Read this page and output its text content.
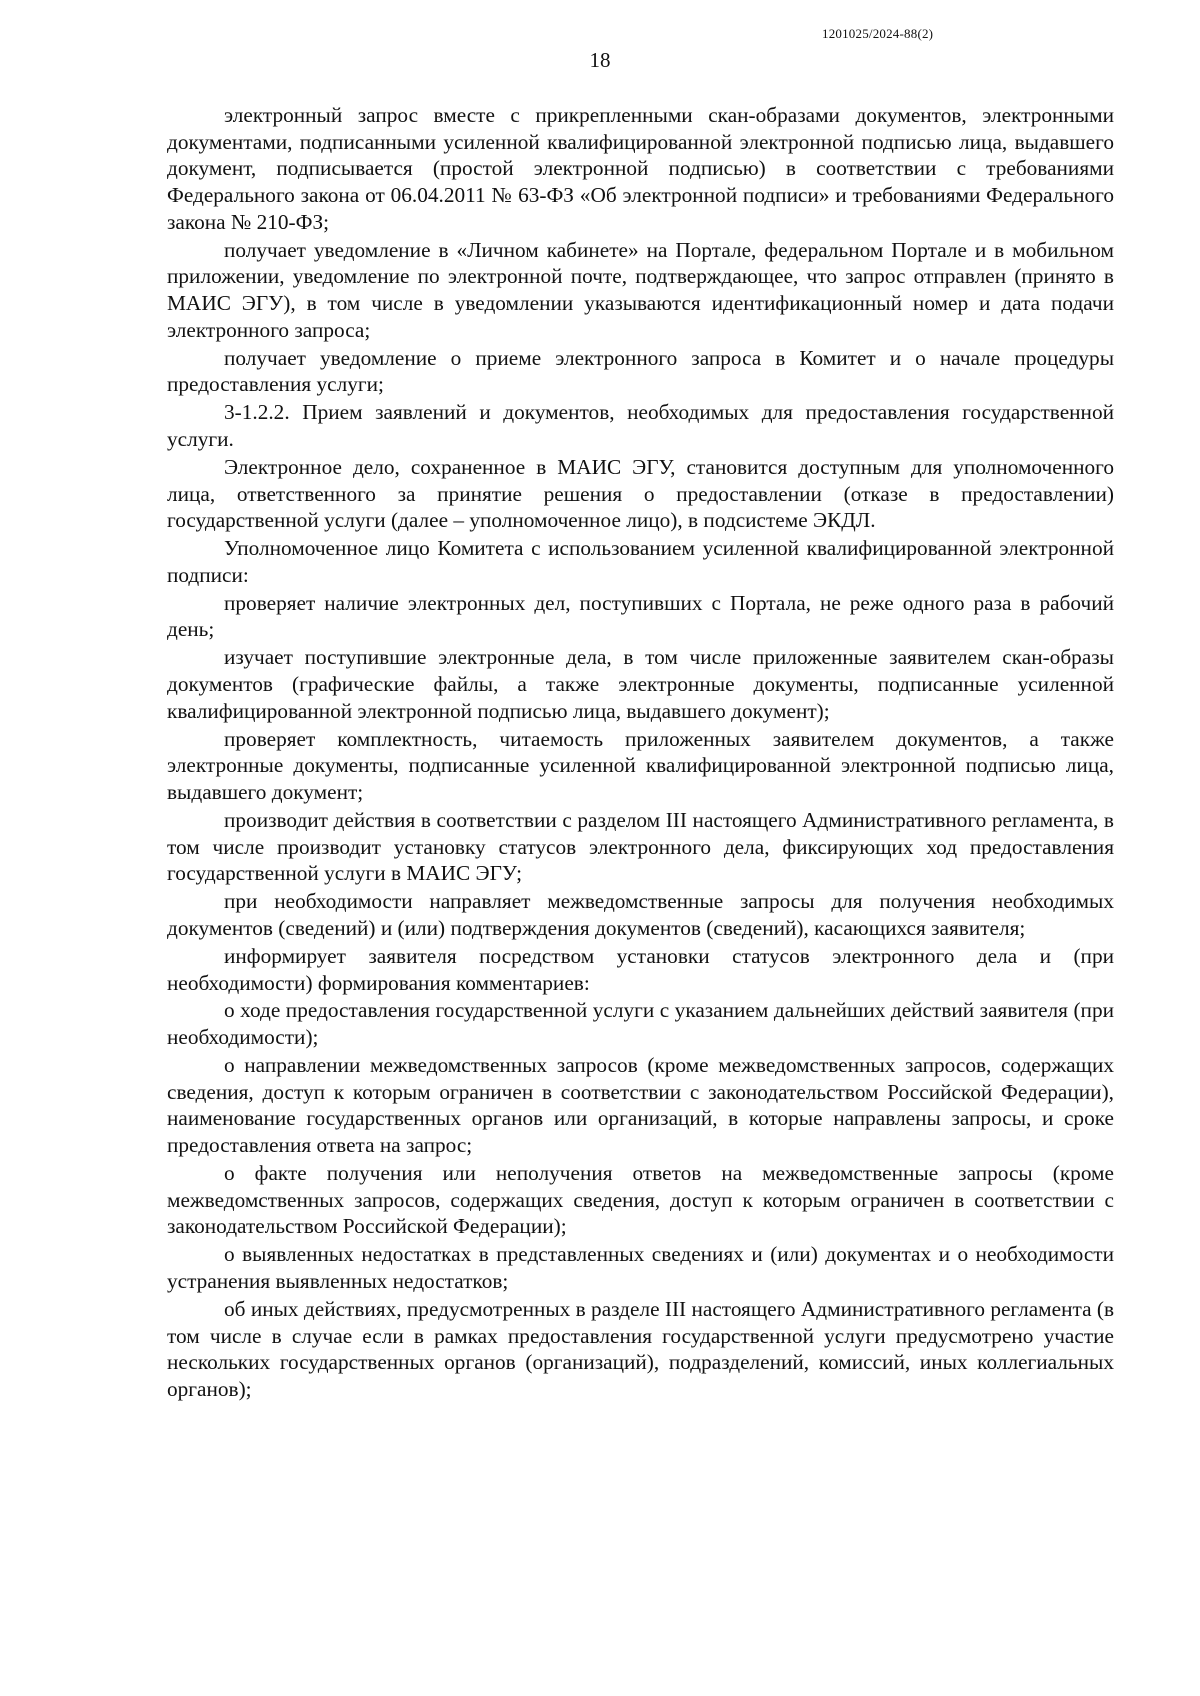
1201025/2024-88(2)
18

электронный запрос вместе с прикрепленными скан-образами документов, электронными документами, подписанными усиленной квалифицированной электронной подписью лица, выдавшего документ, подписывается (простой электронной подписью) в соответствии с требованиями Федерального закона от 06.04.2011 № 63-ФЗ «Об электронной подписи» и требованиями Федерального закона № 210-ФЗ;

получает уведомление в «Личном кабинете» на Портале, федеральном Портале и в мобильном приложении, уведомление по электронной почте, подтверждающее, что запрос отправлен (принято в МАИС ЭГУ), в том числе в уведомлении указываются идентификационный номер и дата подачи электронного запроса;

получает уведомление о приеме электронного запроса в Комитет и о начале процедуры предоставления услуги;

3-1.2.2. Прием заявлений и документов, необходимых для предоставления государственной услуги.

Электронное дело, сохраненное в МАИС ЭГУ, становится доступным для уполномоченного лица, ответственного за принятие решения о предоставлении (отказе в предоставлении) государственной услуги (далее – уполномоченное лицо), в подсистеме ЭКДЛ.

Уполномоченное лицо Комитета с использованием усиленной квалифицированной электронной подписи:

проверяет наличие электронных дел, поступивших с Портала, не реже одного раза в рабочий день;

изучает поступившие электронные дела, в том числе приложенные заявителем скан-образы документов (графические файлы, а также электронные документы, подписанные усиленной квалифицированной электронной подписью лица, выдавшего документ);

проверяет комплектность, читаемость приложенных заявителем документов, а также электронные документы, подписанные усиленной квалифицированной электронной подписью лица, выдавшего документ;

производит действия в соответствии с разделом III настоящего Административного регламента, в том числе производит установку статусов электронного дела, фиксирующих ход предоставления государственной услуги в МАИС ЭГУ;

при необходимости направляет межведомственные запросы для получения необходимых документов (сведений) и (или) подтверждения документов (сведений), касающихся заявителя;

информирует заявителя посредством установки статусов электронного дела и (при необходимости) формирования комментариев:

о ходе предоставления государственной услуги с указанием дальнейших действий заявителя (при необходимости);

о направлении межведомственных запросов (кроме межведомственных запросов, содержащих сведения, доступ к которым ограничен в соответствии с законодательством Российской Федерации), наименование государственных органов или организаций, в которые направлены запросы, и сроке предоставления ответа на запрос;

о факте получения или неполучения ответов на межведомственные запросы (кроме межведомственных запросов, содержащих сведения, доступ к которым ограничен в соответствии с законодательством Российской Федерации);

о выявленных недостатках в представленных сведениях и (или) документах и о необходимости устранения выявленных недостатков;

об иных действиях, предусмотренных в разделе III настоящего Административного регламента (в том числе в случае если в рамках предоставления государственной услуги предусмотрено участие нескольких государственных органов (организаций), подразделений, комиссий, иных коллегиальных органов);
